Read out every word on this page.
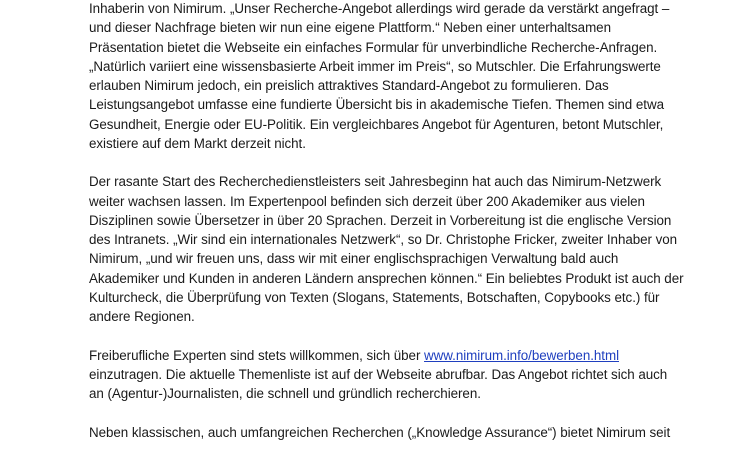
Inhaberin von Nimirum. „Unser Recherche-Angebot allerdings wird gerade da verstärkt angefragt –
und dieser Nachfrage bieten wir nun eine eigene Plattform.“ Neben einer unterhaltsamen
Präsentation bietet die Webseite ein einfaches Formular für unverbindliche Recherche-Anfragen.
„Natürlich variiert eine wissensbasierte Arbeit immer im Preis“, so Mutschler. Die Erfahrungswerte
erlauben Nimirum jedoch, ein preislich attraktives Standard-Angebot zu formulieren. Das
Leistungsangebot umfasse eine fundierte Übersicht bis in akademische Tiefen. Themen sind etwa
Gesundheit, Energie oder EU-Politik. Ein vergleichbares Angebot für Agenturen, betont Mutschler,
existiere auf dem Markt derzeit nicht.

Der rasante Start des Recherchedienstleisters seit Jahresbeginn hat auch das Nimirum-Netzwerk
weiter wachsen lassen. Im Expertenpool befinden sich derzeit über 200 Akademiker aus vielen
Disziplinen sowie Übersetzer in über 20 Sprachen. Derzeit in Vorbereitung ist die englische Version
des Intranets. „Wir sind ein internationales Netzwerk“, so Dr. Christophe Fricker, zweiter Inhaber von
Nimirum, „und wir freuen uns, dass wir mit einer englischsprachigen Verwaltung bald auch
Akademiker und Kunden in anderen Ländern ansprechen können.“ Ein beliebtes Produkt ist auch der
Kulturcheck, die Überprüfung von Texten (Slogans, Statements, Botschaften, Copybooks etc.) für
andere Regionen.

Freiberufliche Experten sind stets willkommen, sich über www.nimirum.info/bewerben.html
einzutragen. Die aktuelle Themenliste ist auf der Webseite abrufbar. Das Angebot richtet sich auch
an (Agentur-)Journalisten, die schnell und gründlich recherchieren.

Neben klassischen, auch umfangreichen Recherchen („Knowledge Assurance“) bietet Nimirum seit
